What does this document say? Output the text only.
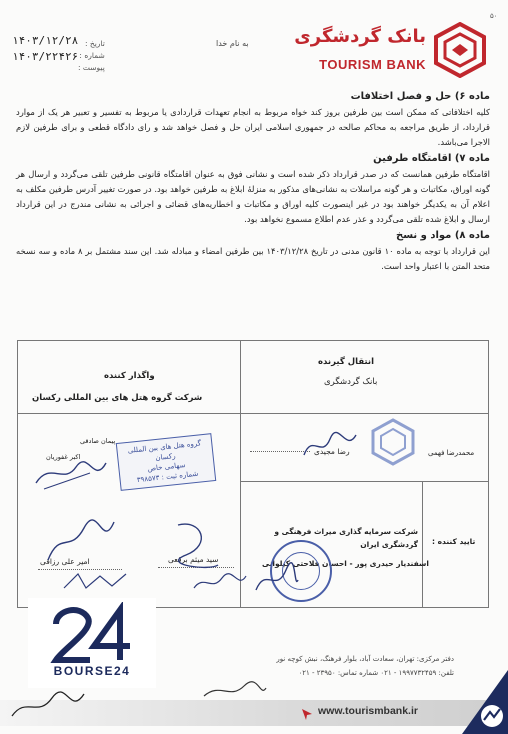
بانک گردشگری
TOURISM BANK
۵۰
به نام خدا
تاریخ :
شماره :
پیوست :
۱۴۰۳/۱۲/۲۸
۱۴۰۳/۲۲۴۲۶
ماده ۶) حل و فصل اختلافات
کلیه اختلافاتی که ممکن است بین طرفین بروز کند خواه مربوط به انجام تعهدات قراردادی یا مربوط به تفسیر و تعبیر هر یک از موارد قرارداد، از طریق مراجعه به محاکم صالحه در جمهوری اسلامی ایران حل و فصل خواهد شد و رای دادگاه قطعی و برای طرفین لازم الاجرا می‌باشد.
ماده ۷) اقامتگاه طرفین
اقامتگاه طرفین همانست که در صدر قرارداد ذکر شده است و نشانی فوق به عنوان اقامتگاه قانونی طرفین تلقی می‌گردد و ارسال هر گونه اوراق، مکاتبات و هر گونه مراسلات به نشانی‌های مذکور به منزلهٔ ابلاغ به طرفین خواهد بود. در صورت تغییر آدرس طرفین مکلف به اعلام آن به یکدیگر خواهند بود در غیر اینصورت کلیه اوراق و مکاتبات و اخطاریه‌های قضائی و اجرائی به نشانی مندرج در این قرارداد ارسال و ابلاغ شده تلقی می‌گردد و عذر عدم اطلاع مسموع نخواهد بود.
ماده ۸) مواد و نسخ
این قرارداد با توجه به ماده ۱۰ قانون مدنی در تاریخ ۱۴۰۳/۱۲/۲۸ بین طرفین امضاء و مبادله شد. این سند مشتمل بر ۸ ماده و سه نسخه متحد المتن با اعتبار واحد است.
انتقال گیرنده
بانک گردشگری
واگذار کننده
شرکت گروه هتل های بین المللی رکسان
محمدرضا فهمی
رضا مجیدی
تایید کننده :
شرکت سرمایه گذاری میراث فرهنگی و گردشگری ایران
اسفندیار حیدری پور - احسان فلاحتی کیلوانی
پیمان صادقی
اکبر غفوریان
امیر علی رزاقی	سید میثم برقعی
گروه هتل های بین المللی
رکسان
سهامی خاص
شماره ثبت : ۳۹۸۵۷۳
دفتر مرکزی: تهران، سعادت آباد، بلوار فرهنگ، نبش کوچه نور
تلفن: ۱۹۹۷۷۳۲۴۵۹ - ۰۲۱ شماره تماس: ۲۳۹۵۰ - ۰۲۱
www.tourismbank.ir
BOURSE24
